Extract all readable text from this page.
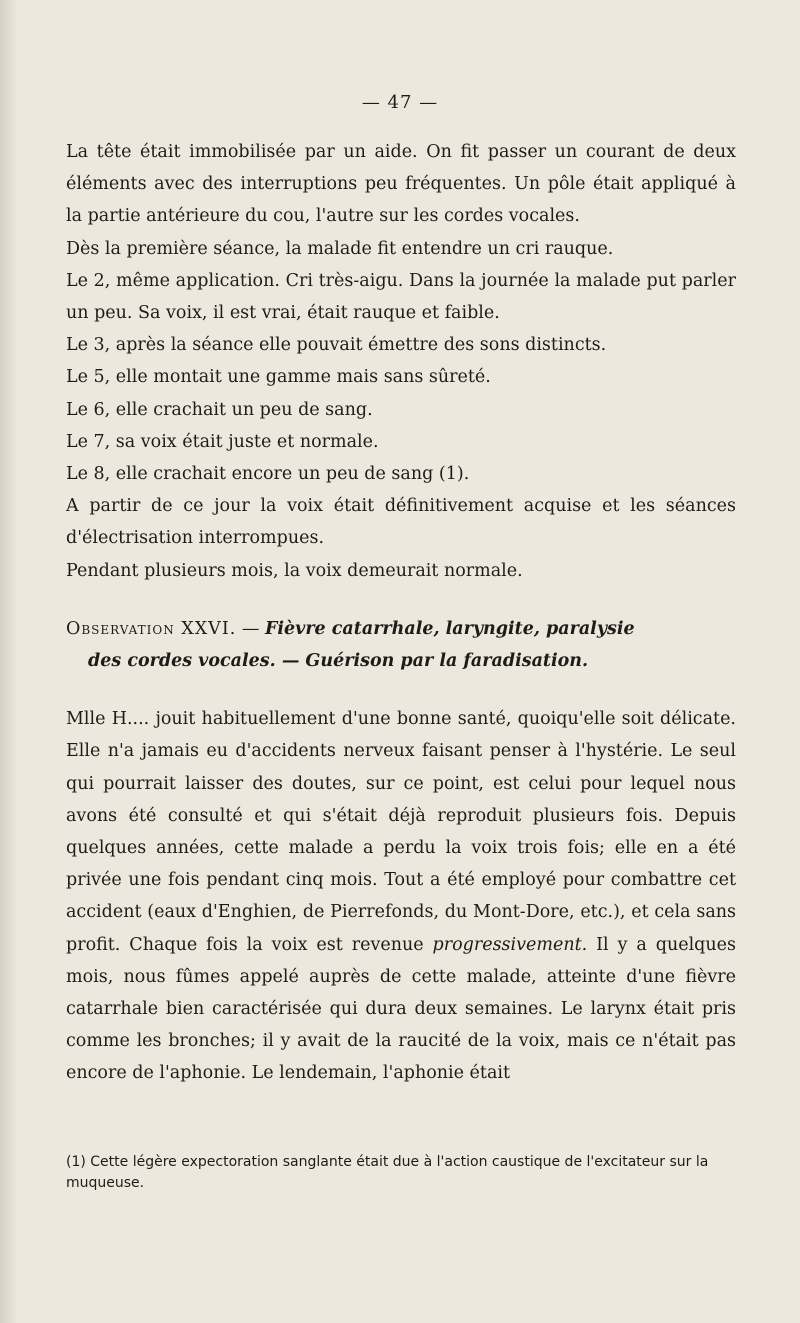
— 47 —

La tête était immobilisée par un aide. On fit passer un courant de deux éléments avec des interruptions peu fréquentes. Un pôle était appliqué à la partie antérieure du cou, l'autre sur les cordes vocales.

Dès la première séance, la malade fit entendre un cri rauque.

Le 2, même application. Cri très-aigu. Dans la journée la malade put parler un peu. Sa voix, il est vrai, était rauque et faible.

Le 3, après la séance elle pouvait émettre des sons distincts.

Le 5, elle montait une gamme mais sans sûreté.

Le 6, elle crachait un peu de sang.

Le 7, sa voix était juste et normale.

Le 8, elle crachait encore un peu de sang (1).

A partir de ce jour la voix était définitivement acquise et les séances d'électrisation interrompues.

Pendant plusieurs mois, la voix demeurait normale.

Observation XXVI. — Fièvre catarrhale, laryngite, paralysie
des cordes vocales. — Guérison par la faradisation.

Mlle H.... jouit habituellement d'une bonne santé, quoiqu'elle soit délicate. Elle n'a jamais eu d'accidents nerveux faisant penser à l'hystérie. Le seul qui pourrait laisser des doutes, sur ce point, est celui pour lequel nous avons été consulté et qui s'était déjà reproduit plusieurs fois. Depuis quelques années, cette malade a perdu la voix trois fois; elle en a été privée une fois pendant cinq mois. Tout a été employé pour combattre cet accident (eaux d'Enghien, de Pierrefonds, du Mont-Dore, etc.), et cela sans profit. Chaque fois la voix est revenue progressivement. Il y a quelques mois, nous fûmes appelé auprès de cette malade, atteinte d'une fièvre catarrhale bien caractérisée qui dura deux semaines. Le larynx était pris comme les bronches; il y avait de la raucité de la voix, mais ce n'était pas encore de l'aphonie. Le lendemain, l'aphonie était

(1) Cette légère expectoration sanglante était due à l'action caustique de l'excitateur sur la muqueuse.
